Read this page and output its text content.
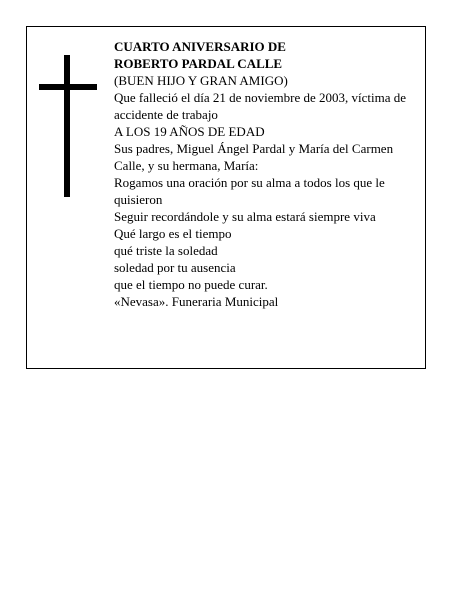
CUARTO ANIVERSARIO DE
ROBERTO PARDAL CALLE
(BUEN HIJO Y GRAN AMIGO)
Que falleció el día 21 de noviembre de 2003, víctima de accidente de trabajo
A LOS 19 AÑOS DE EDAD
Sus padres, Miguel Ángel Pardal y María del Carmen Calle, y su hermana, María:
Rogamos una oración por su alma a todos los que le quisieron
Seguir recordándole y su alma estará siempre viva
Qué largo es el tiempo
qué triste la soledad
soledad por tu ausencia
que el tiempo no puede curar.
«Nevasa». Funeraria Municipal
